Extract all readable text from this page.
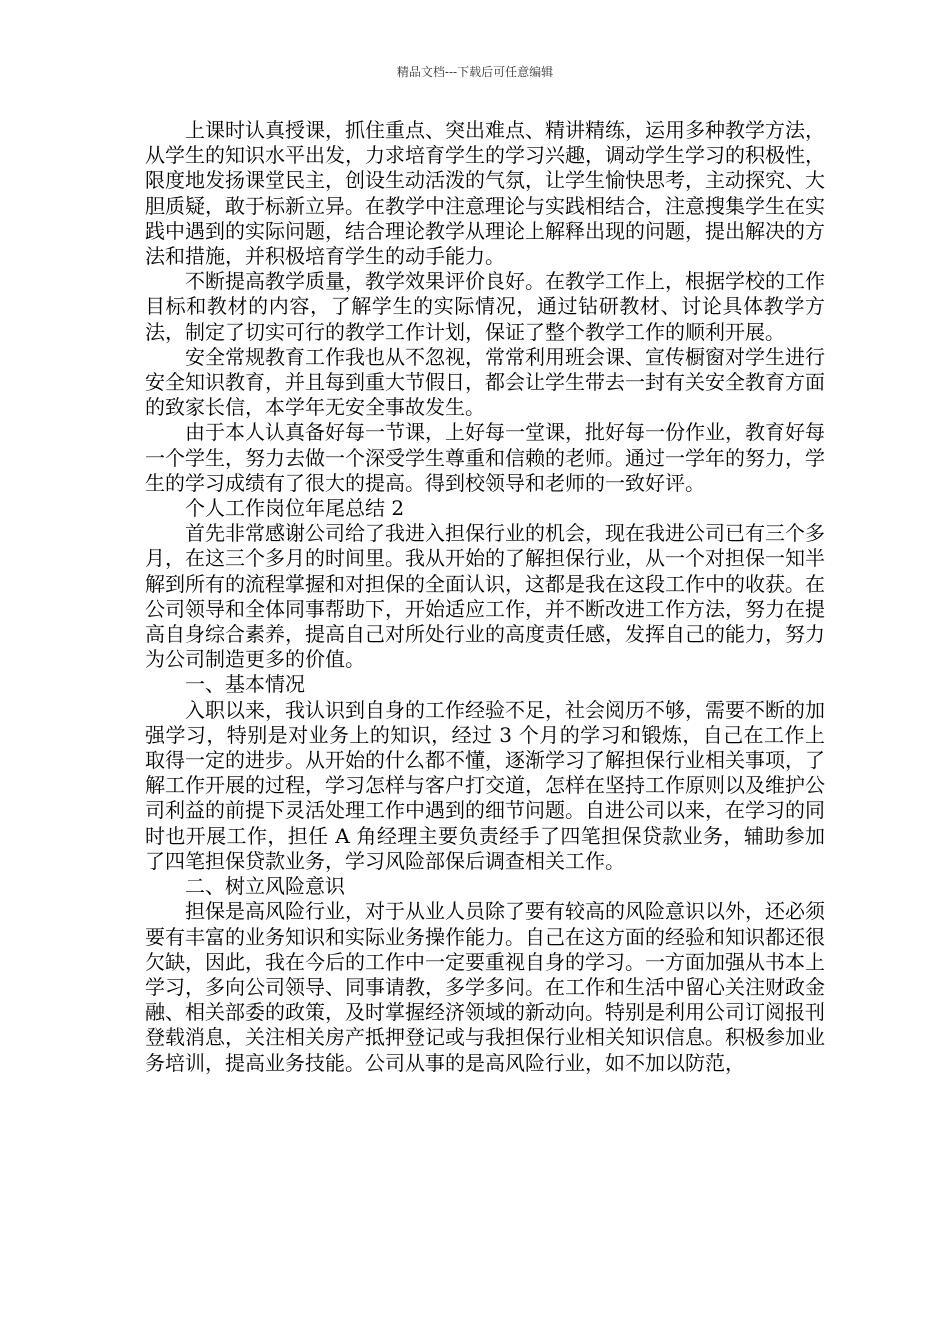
精品文档---下载后可任意编辑

上课时认真授课，抓住重点、突出难点、精讲精练，运用多种教学方法，从学生的知识水平出发，力求培育学生的学习兴趣，调动学生学习的积极性，限度地发扬课堂民主，创设生动活泼的气氛，让学生愉快思考，主动探究、大胆质疑，敢于标新立异。在教学中注意理论与实践相结合，注意搜集学生在实践中遇到的实际问题，结合理论教学从理论上解释出现的问题，提出解决的方法和措施，并积极培育学生的动手能力。

不断提高教学质量，教学效果评价良好。在教学工作上，根据学校的工作目标和教材的内容，了解学生的实际情况，通过钻研教材、讨论具体教学方法，制定了切实可行的教学工作计划，保证了整个教学工作的顺利开展。

安全常规教育工作我也从不忽视，常常利用班会课、宣传橱窗对学生进行安全知识教育，并且每到重大节假日，都会让学生带去一封有关安全教育方面的致家长信，本学年无安全事故发生。

由于本人认真备好每一节课，上好每一堂课，批好每一份作业，教育好每一个学生，努力去做一个深受学生尊重和信赖的老师。通过一学年的努力，学生的学习成绩有了很大的提高。得到校领导和老师的一致好评。

个人工作岗位年尾总结 2

首先非常感谢公司给了我进入担保行业的机会，现在我进公司已有三个多月，在这三个多月的时间里。我从开始的了解担保行业，从一个对担保一知半解到所有的流程掌握和对担保的全面认识，这都是我在这段工作中的收获。在公司领导和全体同事帮助下，开始适应工作，并不断改进工作方法，努力在提高自身综合素养，提高自己对所处行业的高度责任感，发挥自己的能力，努力为公司制造更多的价值。

一、基本情况

入职以来，我认识到自身的工作经验不足，社会阅历不够，需要不断的加强学习，特别是对业务上的知识，经过 3 个月的学习和锻炼，自己在工作上取得一定的进步。从开始的什么都不懂，逐渐学习了解担保行业相关事项，了解工作开展的过程，学习怎样与客户打交道，怎样在坚持工作原则以及维护公司利益的前提下灵活处理工作中遇到的细节问题。自进公司以来，在学习的同时也开展工作，担任 A 角经理主要负责经手了四笔担保贷款业务，辅助参加了四笔担保贷款业务，学习风险部保后调查相关工作。

二、树立风险意识

担保是高风险行业，对于从业人员除了要有较高的风险意识以外，还必须要有丰富的业务知识和实际业务操作能力。自己在这方面的经验和知识都还很欠缺，因此，我在今后的工作中一定要重视自身的学习。一方面加强从书本上学习，多向公司领导、同事请教，多学多问。在工作和生活中留心关注财政金融、相关部委的政策，及时掌握经济领域的新动向。特别是利用公司订阅报刊登载消息，关注相关房产抵押登记或与我担保行业相关知识信息。积极参加业务培训，提高业务技能。公司从事的是高风险行业，如不加以防范，
